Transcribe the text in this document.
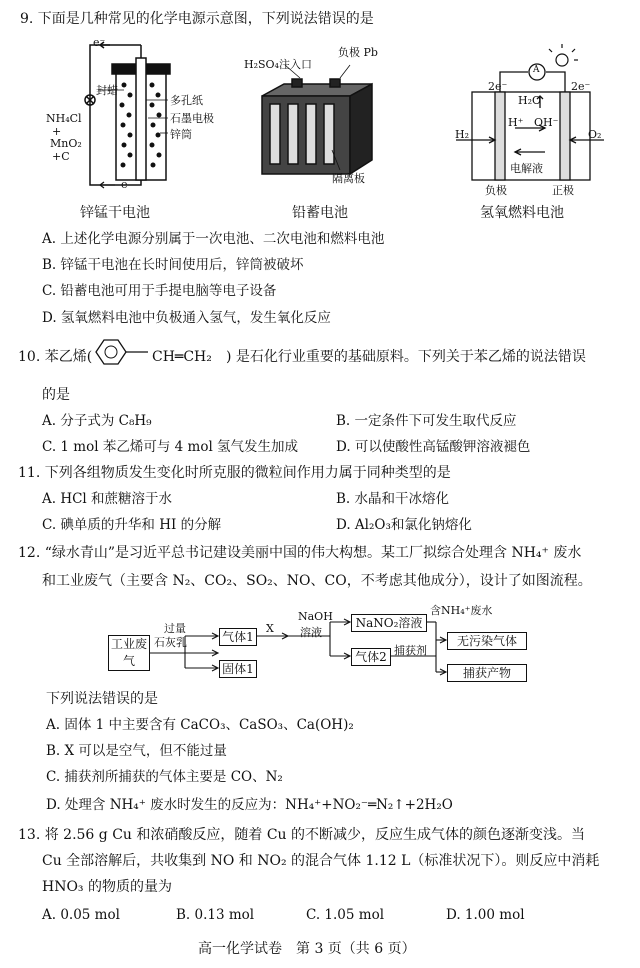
9. 下面是几种常见的化学电源示意图，下列说法错误的是
e⁻
封蜡
NH₄Cl
+
MnO₂
+C
多孔纸
石墨电极
锌筒
e
锌锰干电池
H₂SO₄注入口
负极 Pb
隔离板
铅蓄电池
2e⁻	2e⁻
A
H₂O
H₂	O₂
H⁺ OH⁻
电解液
负极	正极
氢氧燃料电池
A. 上述化学电源分别属于一次电池、二次电池和燃料电池
B. 锌锰干电池在长时间使用后，锌筒被破坏
C. 铅蓄电池可用于手提电脑等电子设备
D. 氢氧燃料电池中负极通入氢气，发生氧化反应
10. 苯乙烯(	CH═CH₂ ) 是石化行业重要的基础原料。下列关于苯乙烯的说法错误
的是
A. 分子式为 C₈H₉	B. 一定条件下可发生取代反应
C. 1 mol 苯乙烯可与 4 mol 氢气发生加成	D. 可以使酸性高锰酸钾溶液褪色
11. 下列各组物质发生变化时所克服的微粒间作用力属于同种类型的是
A. HCl 和蔗糖溶于水	B. 水晶和干冰熔化
C. 碘单质的升华和 HI 的分解	D. Al₂O₃和氯化钠熔化
12. “绿水青山”是习近平总书记建设美丽中国的伟大构想。某工厂拟综合处理含 NH₄⁺ 废水
和工业废气（主要含 N₂、CO₂、SO₂、NO、CO，不考虑其他成分），设计了如图流程。
工业废气
过量
石灰乳	气体1
X
固体1
NaOH
溶液
NaNO₂溶液
含NH₄⁺废水
无污染气体
气体2 捕获剂
捕获产物
下列说法错误的是
A. 固体 1 中主要含有 CaCO₃、CaSO₃、Ca(OH)₂
B. X 可以是空气，但不能过量
C. 捕获剂所捕获的气体主要是 CO、N₂
D. 处理含 NH₄⁺ 废水时发生的反应为：NH₄⁺+NO₂⁻═N₂↑+2H₂O
13. 将 2.56 g Cu 和浓硝酸反应，随着 Cu 的不断减少，反应生成气体的颜色逐渐变浅。当
Cu 全部溶解后，共收集到 NO 和 NO₂ 的混合气体 1.12 L（标准状况下）。则反应中消耗
HNO₃ 的物质的量为
A. 0.05 mol	B. 0.13 mol	C. 1.05 mol	D. 1.00 mol
高一化学试卷　第 3 页（共 6 页）
